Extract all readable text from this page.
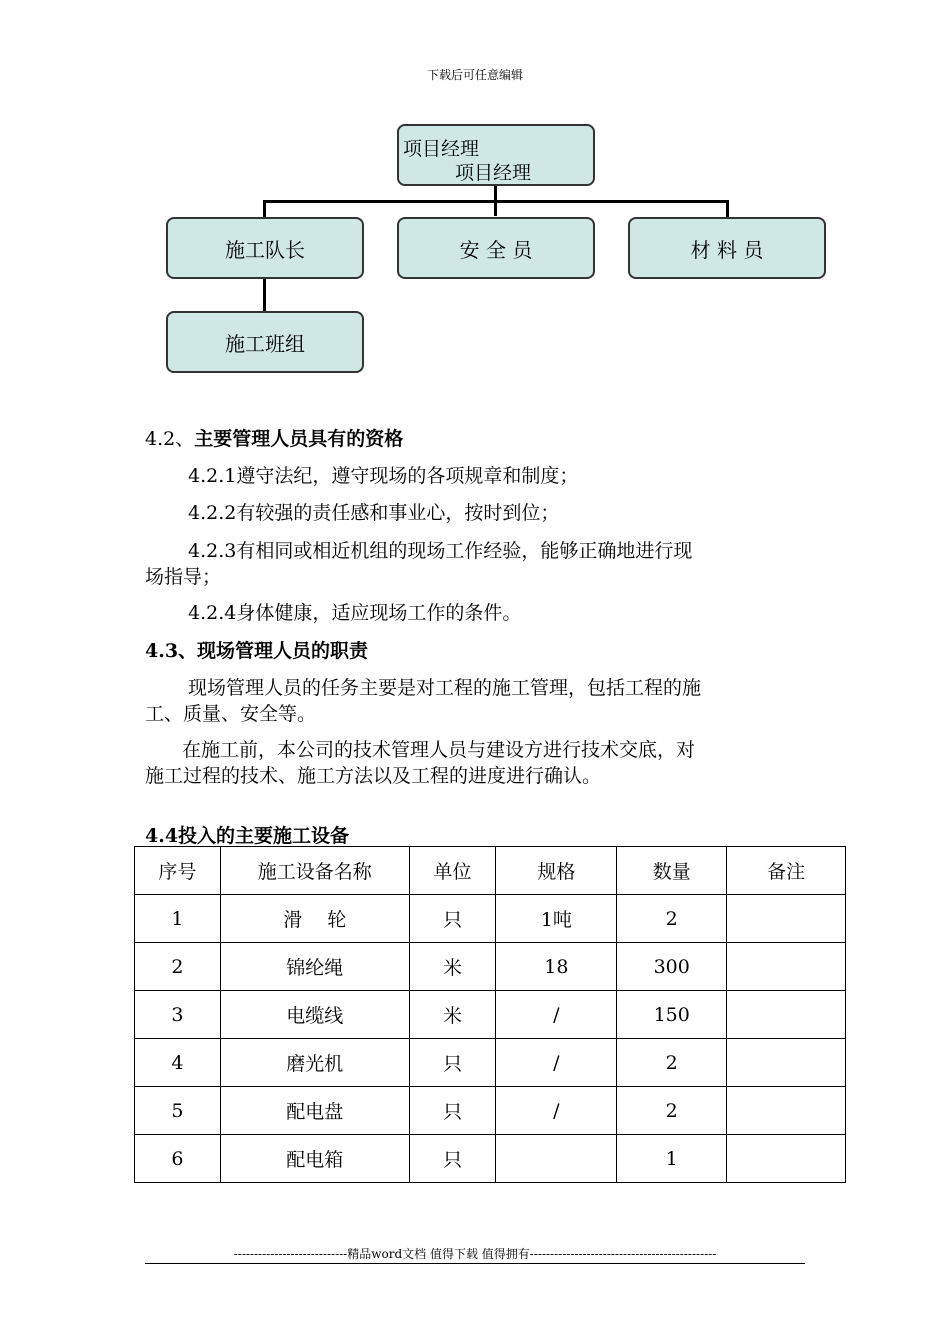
下载后可任意编辑
项目经理
项目经理
施工队长	安 全 员	材 料 员
施工班组
4.2、主要管理人员具有的资格
4.2.1遵守法纪，遵守现场的各项规章和制度；
4.2.2有较强的责任感和事业心，按时到位；
4.2.3有相同或相近机组的现场工作经验，能够正确地进行现
场指导；
4.2.4身体健康，适应现场工作的条件。
4.3、现场管理人员的职责
现场管理人员的任务主要是对工程的施工管理，包括工程的施
工、质量、安全等。
在施工前，本公司的技术管理人员与建设方进行技术交底，对
施工过程的技术、施工方法以及工程的进度进行确认。
4.4投入的主要施工设备
序号	施工设备名称	单位	规格	数量	备注
1	滑　 轮	只	1吨	2	
2	锦纶绳	米	18	300	
3	电缆线	米	/	150	
4	磨光机	只	/	2	
5	配电盘	只	/	2	
6	配电箱	只		1	
----------------------------精品word文档 值得下载 值得拥有----------------------------------------------
